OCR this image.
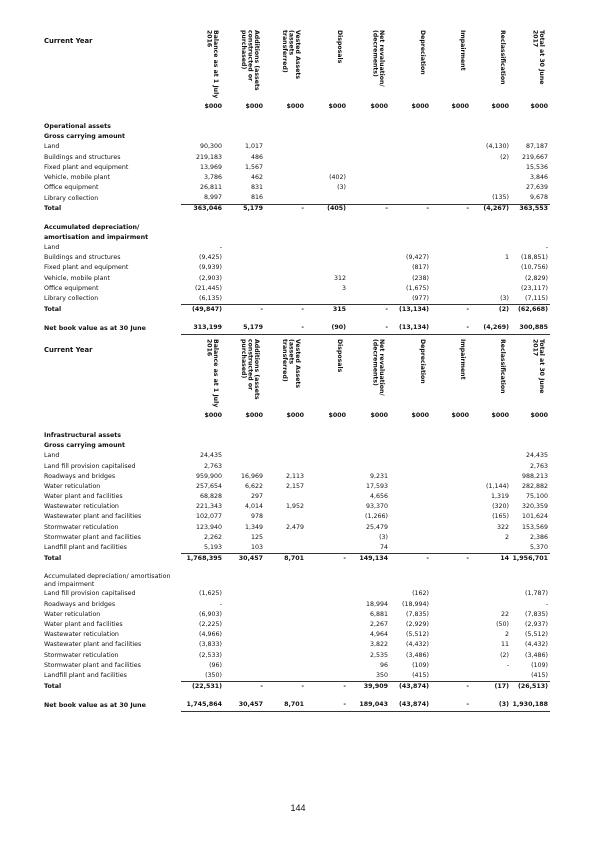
Current Year	Balance as at 1 July 2016	Additions (assets constructed or purchased)	Vested Assets (assets transferred)	Disposals	Net revaluation/ (decrements)	Depreciation	Impairment	Reclassification	Total at 30 June 2017

	$000	$000	$000	$000	$000	$000	$000	$000	$000

Operational assets									
Gross carrying amount									
Land	90,300	1,017						(4,130)	87,187
Buildings and structures	219,183	486						(2)	219,667
Fixed plant and equipment	13,969	1,567							15,536
Vehicle, mobile plant	3,786	462		(402)					3,846
Office equipment	26,811	831		(3)					27,639
Library collection	8,997	816						(135)	9,678
Total	363,046	5,179	-	(405)	-	-	-	(4,267)	363,553

Accumulated depreciation/									
amortisation and impairment									
Land	-								-
Buildings and structures	(9,425)					(9,427)		1	(18,851)
Fixed plant and equipment	(9,939)					(817)			(10,756)
Vehicle, mobile plant	(2,903)			312		(238)			(2,829)
Office equipment	(21,445)			3		(1,675)			(23,117)
Library collection	(6,135)					(977)		(3)	(7,115)
Total	(49,847)	-	-	315	-	(13,134)	-	(2)	(62,668)

Net book value as at 30 June	313,199	5,179	-	(90)	-	(13,134)	-	(4,269)	300,885
Current Year	Balance as at 1 July 2016	Additions (assets constructed or purchased)	Vested Assets (assets transferred)	Disposals	Net revaluation/ (decrements)	Depreciation	Impairment	Reclassification	Total at 30 June 2017

	$000	$000	$000	$000	$000	$000	$000	$000	$000

Infrastructural assets									
Gross carrying amount									
Land	24,435								24,435
Land fill provision capitalised	2,763								2,763
Roadways and bridges	959,900	16,969	2,113		9,231				988,213
Water reticulation	257,654	6,622	2,157		17,593			(1,144)	282,882
Water plant and facilities	68,828	297			4,656			1,319	75,100
Wastewater reticulation	221,343	4,014	1,952		93,370			(320)	320,359
Wastewater plant and facilities	102,077	978			(1,266)			(165)	101,624
Stormwater reticulation	123,940	1,349	2,479		25,479			322	153,569
Stormwater plant and facilities	2,262	125			(3)			2	2,386
Landfill plant and facilities	5,193	103			74				5,370
Total	1,768,395	30,457	8,701	-	149,134	-	-	14	1,956,701

Accumulated depreciation/ amortisation and impairment									
Land fill provision capitalised	(1,625)					(162)			(1,787)
Roadways and bridges	-				18,994	(18,994)			-
Water reticulation	(6,903)				6,881	(7,835)		22	(7,835)
Water plant and facilities	(2,225)				2,267	(2,929)		(50)	(2,937)
Wastewater reticulation	(4,966)				4,964	(5,512)		2	(5,512)
Wastewater plant and facilities	(3,833)				3,822	(4,432)		11	(4,432)
Stormwater reticulation	(2,533)				2,535	(3,486)		(2)	(3,486)
Stormwater plant and facilities	(96)				96	(109)		-	(109)
Landfill plant and facilities	(350)				350	(415)			(415)
Total	(22,531)	-	-	-	39,909	(43,874)	-	(17)	(26,513)

Net book value as at 30 June	1,745,864	30,457	8,701	-	189,043	(43,874)	-	(3)	1,930,188
144
